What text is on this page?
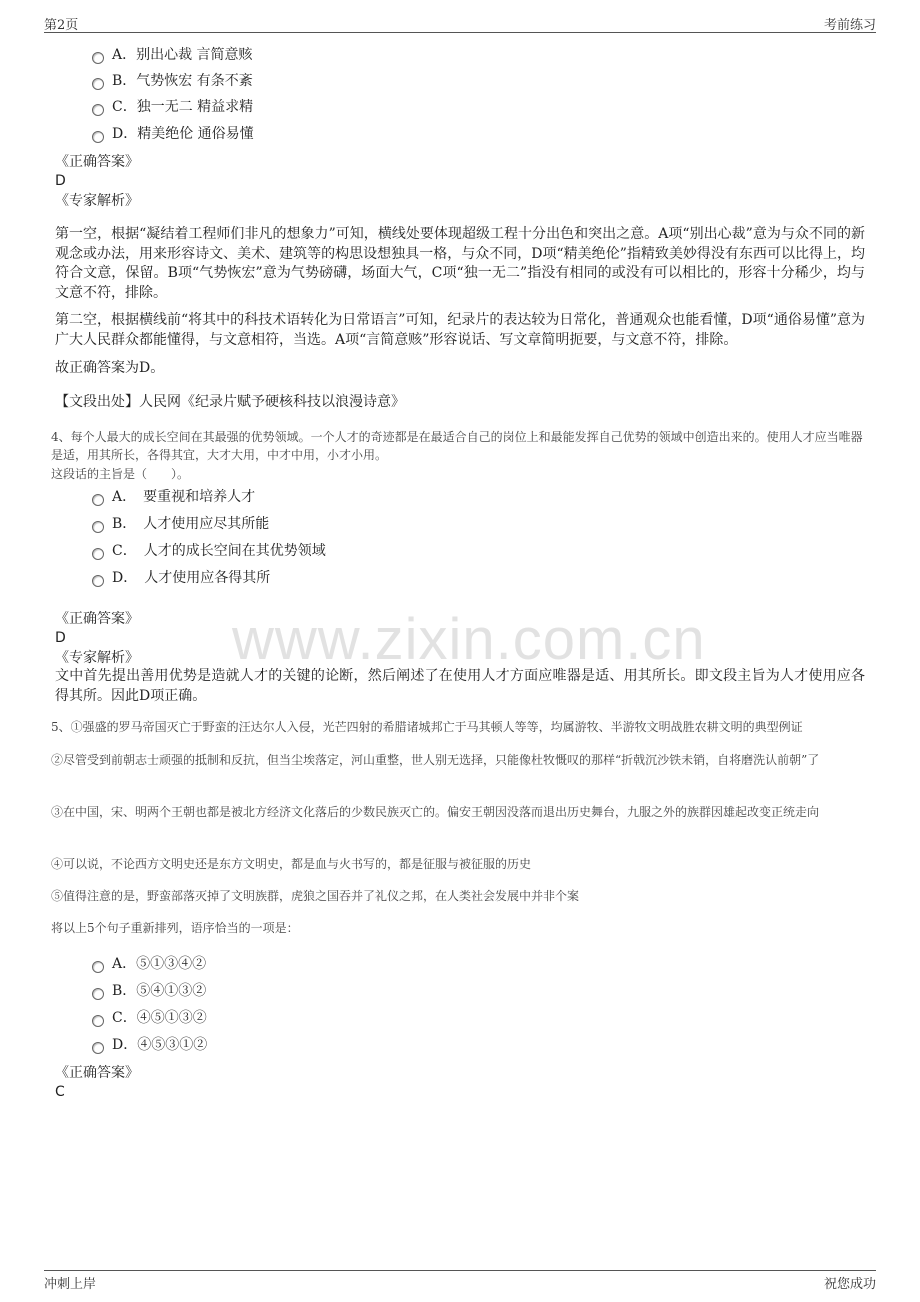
第2页	考前练习
www.zixin.com.cn
A．别出心裁 言简意赅
B．气势恢宏 有条不紊
C．独一无二 精益求精
D．精美绝伦 通俗易懂
《正确答案》
D
《专家解析》
第一空，根据“凝结着工程师们非凡的想象力”可知，横线处要体现超级工程十分出色和突出之意。A项“别出心裁”意为与众不同的新观念或办法，用来形容诗文、美术、建筑等的构思设想独具一格，与众不同，D项“精美绝伦”指精致美妙得没有东西可以比得上，均符合文意，保留。B项“气势恢宏”意为气势磅礴，场面大气，C项“独一无二”指没有相同的或没有可以相比的，形容十分稀少，均与文意不符，排除。
第二空，根据横线前“将其中的科技术语转化为日常语言”可知，纪录片的表达较为日常化，普通观众也能看懂，D项“通俗易懂”意为广大人民群众都能懂得，与文意相符，当选。A项“言简意赅”形容说话、写文章简明扼要，与文意不符，排除。
故正确答案为D。
【文段出处】人民网《纪录片赋予硬核科技以浪漫诗意》
4、每个人最大的成长空间在其最强的优势领域。一个人才的奇迹都是在最适合自己的岗位上和最能发挥自己优势的领域中创造出来的。使用人才应当唯器是适，用其所长，各得其宜，大才大用，中才中用，小才小用。
这段话的主旨是（　　）。
A．　要重视和培养人才
B．　人才使用应尽其所能
C．　人才的成长空间在其优势领域
D．　人才使用应各得其所
《正确答案》
D
《专家解析》
文中首先提出善用优势是造就人才的关键的论断，然后阐述了在使用人才方面应唯器是适、用其所长。即文段主旨为人才使用应各得其所。因此D项正确。
5、①强盛的罗马帝国灭亡于野蛮的汪达尔人入侵，光芒四射的希腊诸城邦亡于马其顿人等等，均属游牧、半游牧文明战胜农耕文明的典型例证
②尽管受到前朝志士顽强的抵制和反抗，但当尘埃落定，河山重整，世人别无选择，只能像杜牧慨叹的那样“折戟沉沙铁未销，自将磨洗认前朝”了
③在中国，宋、明两个王朝也都是被北方经济文化落后的少数民族灭亡的。偏安王朝因没落而退出历史舞台，九服之外的族群因雄起改变正统走向
④可以说，不论西方文明史还是东方文明史，都是血与火书写的，都是征服与被征服的历史
⑤值得注意的是，野蛮部落灭掉了文明族群，虎狼之国吞并了礼仪之邦，在人类社会发展中并非个案
将以上5个句子重新排列，语序恰当的一项是：
A．⑤①③④②
B．⑤④①③②
C．④⑤①③②
D．④⑤③①②
《正确答案》
C
冲刺上岸	祝您成功
